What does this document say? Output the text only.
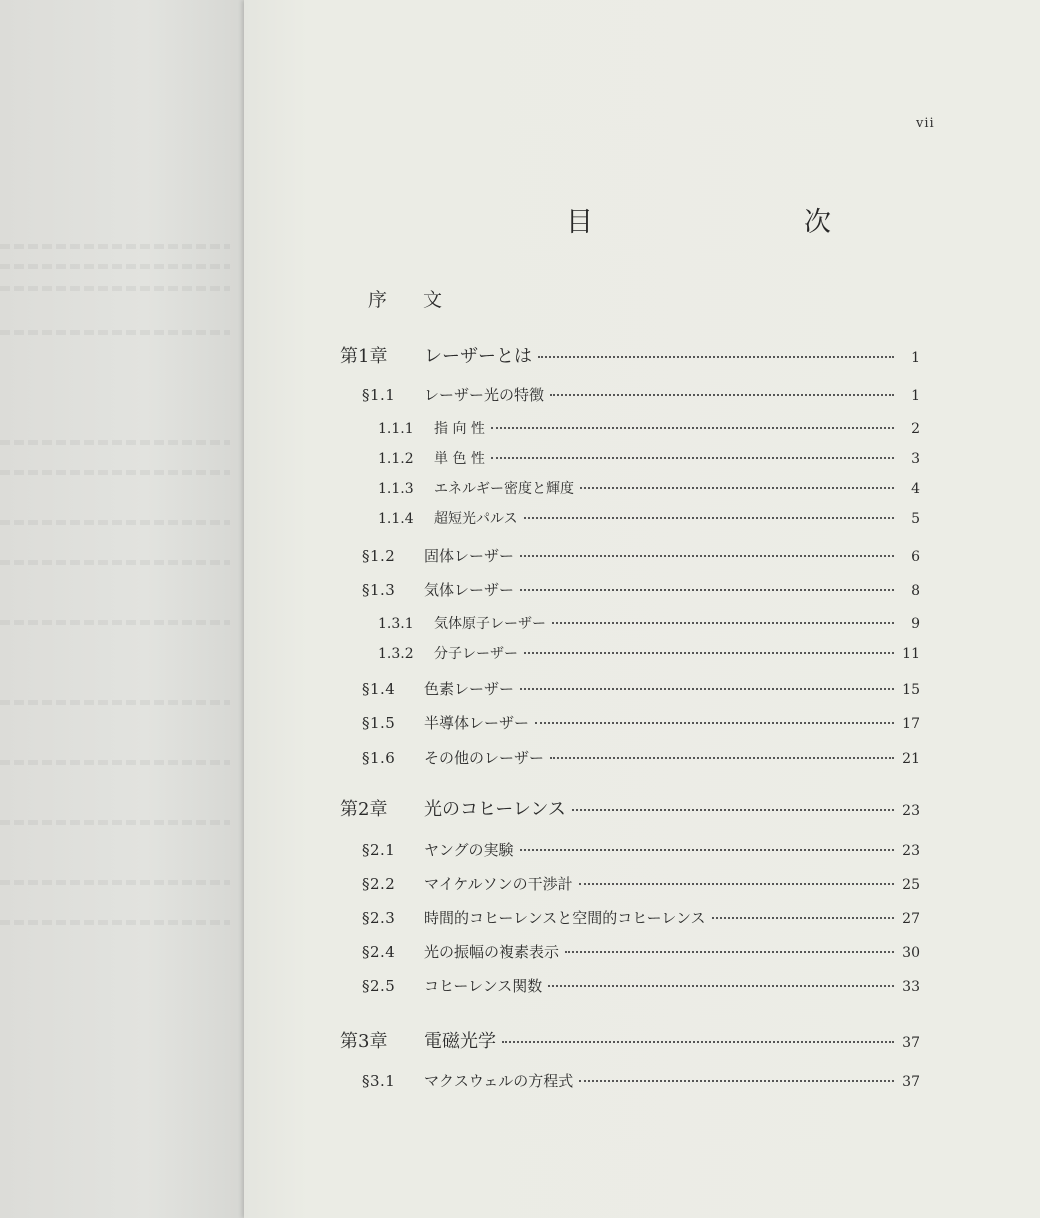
vii
目　次
序文
第1章	レーザーとは	1
§1.1	レーザー光の特徴	1
1.1.1	指 向 性	2
1.1.2	単 色 性	3
1.1.3	エネルギー密度と輝度	4
1.1.4	超短光パルス	5
§1.2	固体レーザー	6
§1.3	気体レーザー	8
1.3.1	気体原子レーザー	9
1.3.2	分子レーザー	11
§1.4	色素レーザー	15
§1.5	半導体レーザー	17
§1.6	その他のレーザー	21
第2章	光のコヒーレンス	23
§2.1	ヤングの実験	23
§2.2	マイケルソンの干渉計	25
§2.3	時間的コヒーレンスと空間的コヒーレンス	27
§2.4	光の振幅の複素表示	30
§2.5	コヒーレンス関数	33
第3章	電磁光学	37
§3.1	マクスウェルの方程式	37
